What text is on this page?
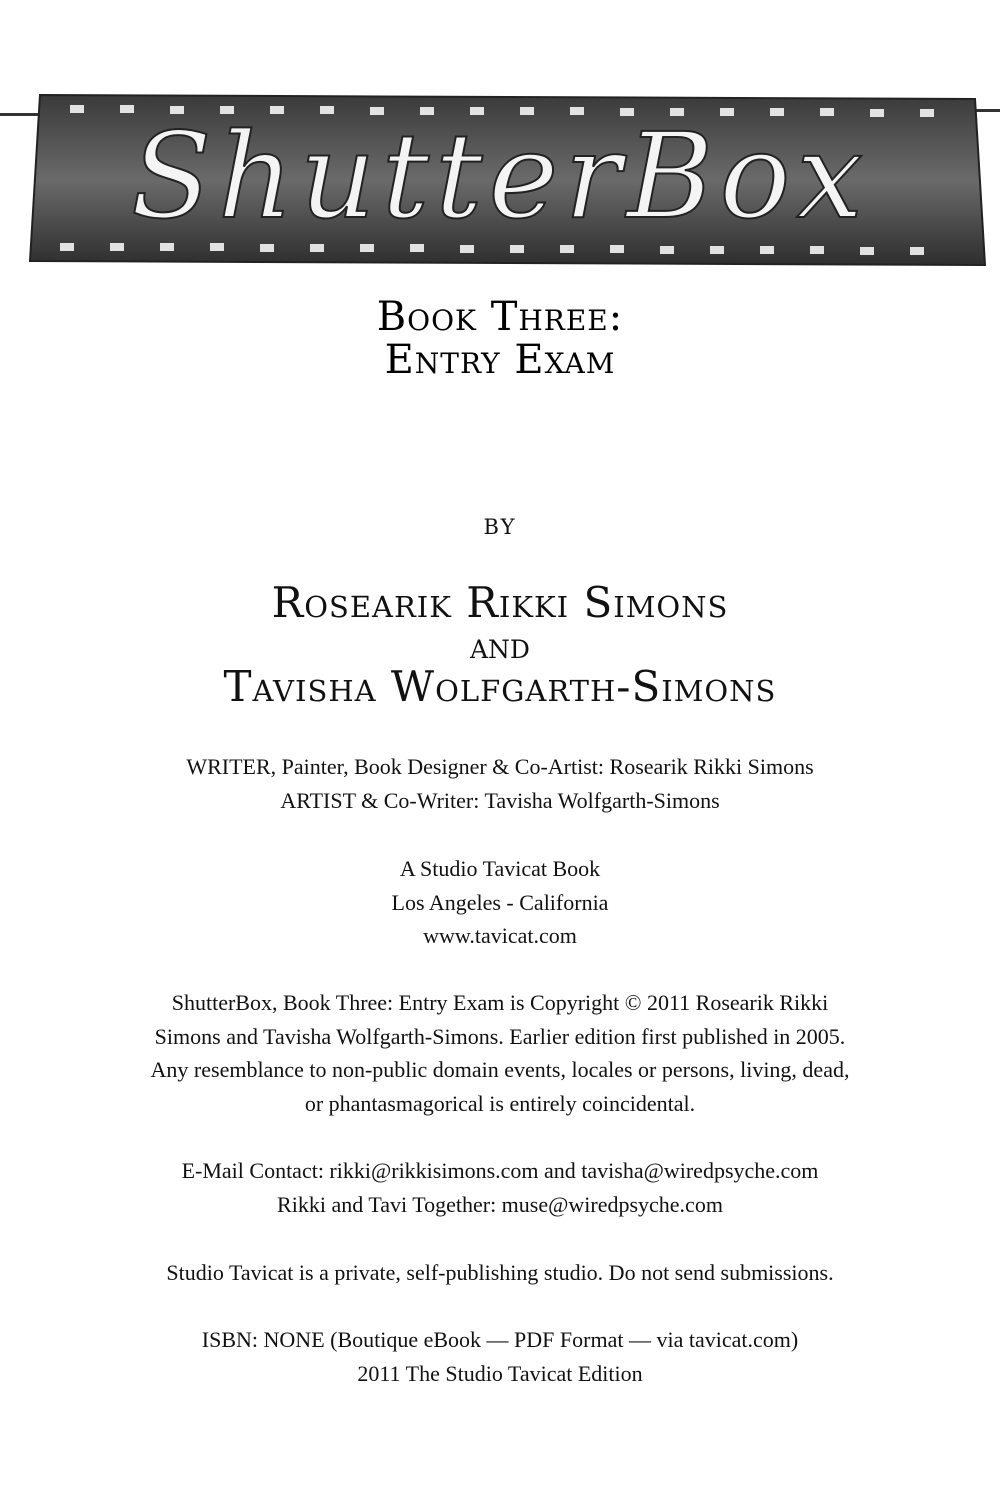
ShutterBox
Book Three:
Entry Exam
by
Rosearik Rikki Simons
and
Tavisha Wolfgarth-Simons
WRITER, Painter, Book Designer & Co-Artist: Rosearik Rikki Simons
ARTIST & Co-Writer: Tavisha Wolfgarth-Simons
A Studio Tavicat Book
Los Angeles - California
www.tavicat.com
ShutterBox, Book Three: Entry Exam is Copyright © 2011 Rosearik Rikki
Simons and Tavisha Wolfgarth-Simons. Earlier edition first published in 2005.
Any resemblance to non-public domain events, locales or persons, living, dead,
or phantasmagorical is entirely coincidental.
E-Mail Contact: rikki@rikkisimons.com and tavisha@wiredpsyche.com
Rikki and Tavi Together: muse@wiredpsyche.com
Studio Tavicat is a private, self-publishing studio. Do not send submissions.
ISBN: NONE (Boutique eBook — PDF Format — via tavicat.com)
2011 The Studio Tavicat Edition
